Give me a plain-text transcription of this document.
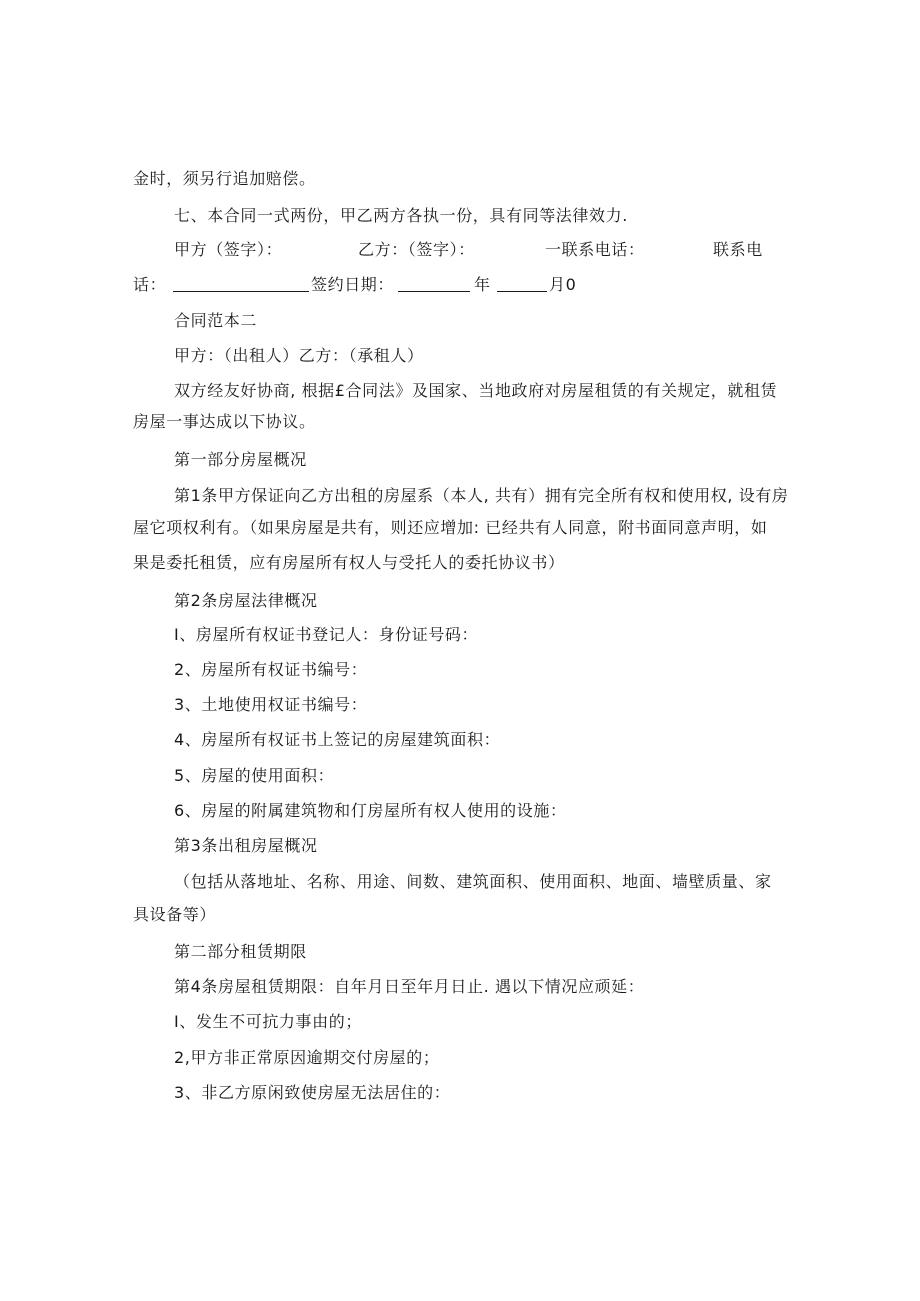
金时，须另行追加赔偿。
七、本合同一式两份，甲乙两方各执一份，具有同等法律效力.
甲方（签字）：	乙方：（签字）：	一联系电话：	联系电
话：	签约日期：	年	月0
合同范本二
甲方：（出租人）乙方：（承租人）
双方经友好协商, 根据£合同法》及国家、当地政府对房屋租赁的有关规定，就租赁
房屋一事达成以下协议。
第一部分房屋概况
第1条甲方保证向乙方出租的房屋系（本人, 共有）拥有完全所有权和使用权, 设有房
屋它项权利有。（如果房屋是共有，则还应增加: 已经共有人同意，附书面同意声明，如
果是委托租赁，应有房屋所有权人与受托人的委托协议书）
第2条房屋法律概况
I、房屋所有权证书登记人：身份证号码：
2、房屋所有权证书编号：
3、土地使用权证书编号：
4、房屋所有权证书上签记的房屋建筑面积：
5、房屋的使用面积：
6、房屋的附属建筑物和仃房屋所有权人使用的设施：
第3条出租房屋概况
（包括从落地址、名称、用途、间数、建筑面积、使用面积、地面、墙壁质量、家
具设备等）
第二部分租赁期限
第4条房屋租赁期限：自年月日至年月日止. 遇以下情况应顽延：
I、发生不可抗力事由的；
2,甲方非正常原因逾期交付房屋的；
3、非乙方原闲致使房屋无法居住的：
